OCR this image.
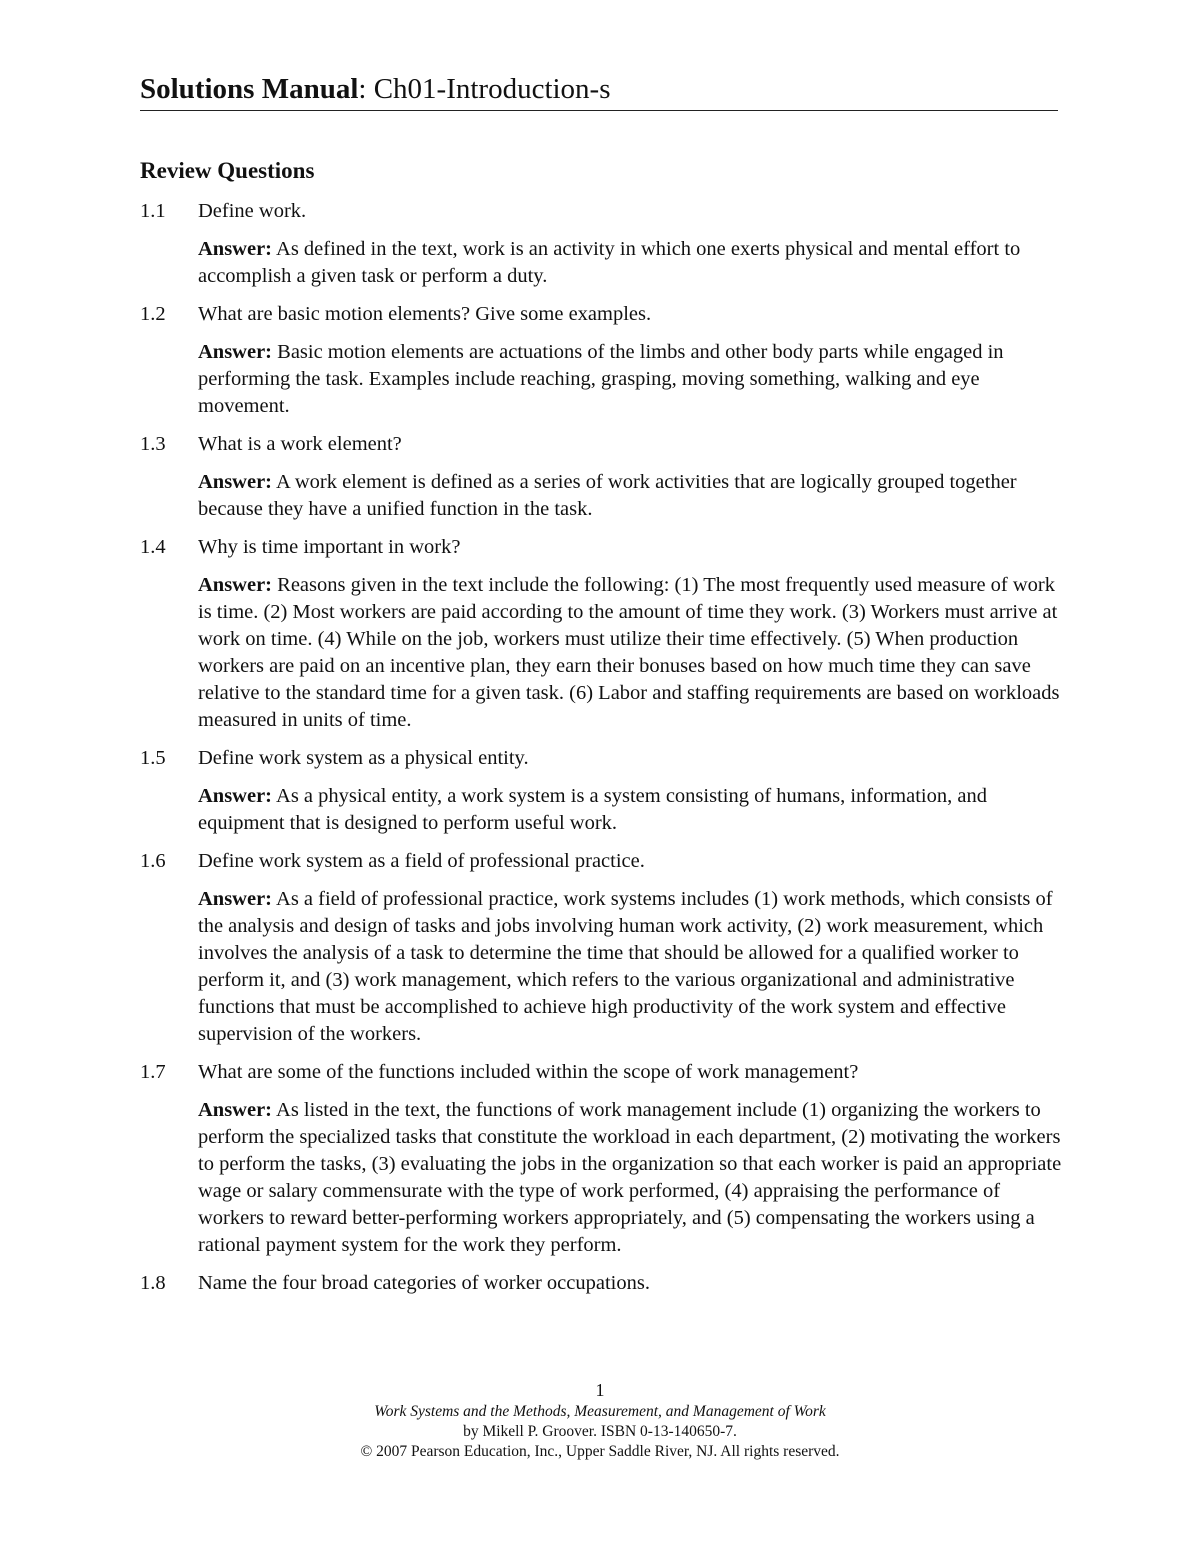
Solutions Manual: Ch01-Introduction-s
Review Questions
1.1	Define work.
Answer: As defined in the text, work is an activity in which one exerts physical and mental effort to accomplish a given task or perform a duty.
1.2	What are basic motion elements? Give some examples.
Answer: Basic motion elements are actuations of the limbs and other body parts while engaged in performing the task. Examples include reaching, grasping, moving something, walking and eye movement.
1.3	What is a work element?
Answer: A work element is defined as a series of work activities that are logically grouped together because they have a unified function in the task.
1.4	Why is time important in work?
Answer: Reasons given in the text include the following: (1) The most frequently used measure of work is time. (2) Most workers are paid according to the amount of time they work. (3) Workers must arrive at work on time. (4) While on the job, workers must utilize their time effectively. (5) When production workers are paid on an incentive plan, they earn their bonuses based on how much time they can save relative to the standard time for a given task. (6) Labor and staffing requirements are based on workloads measured in units of time.
1.5	Define work system as a physical entity.
Answer: As a physical entity, a work system is a system consisting of humans, information, and equipment that is designed to perform useful work.
1.6	Define work system as a field of professional practice.
Answer: As a field of professional practice, work systems includes (1) work methods, which consists of the analysis and design of tasks and jobs involving human work activity, (2) work measurement, which involves the analysis of a task to determine the time that should be allowed for a qualified worker to perform it, and (3) work management, which refers to the various organizational and administrative functions that must be accomplished to achieve high productivity of the work system and effective supervision of the workers.
1.7	What are some of the functions included within the scope of work management?
Answer: As listed in the text, the functions of work management include (1) organizing the workers to perform the specialized tasks that constitute the workload in each department, (2) motivating the workers to perform the tasks, (3) evaluating the jobs in the organization so that each worker is paid an appropriate wage or salary commensurate with the type of work performed, (4) appraising the performance of workers to reward better-performing workers appropriately, and (5) compensating the workers using a rational payment system for the work they perform.
1.8	Name the four broad categories of worker occupations.
1
Work Systems and the Methods, Measurement, and Management of Work
by Mikell P. Groover. ISBN 0-13-140650-7.
© 2007 Pearson Education, Inc., Upper Saddle River, NJ. All rights reserved.
